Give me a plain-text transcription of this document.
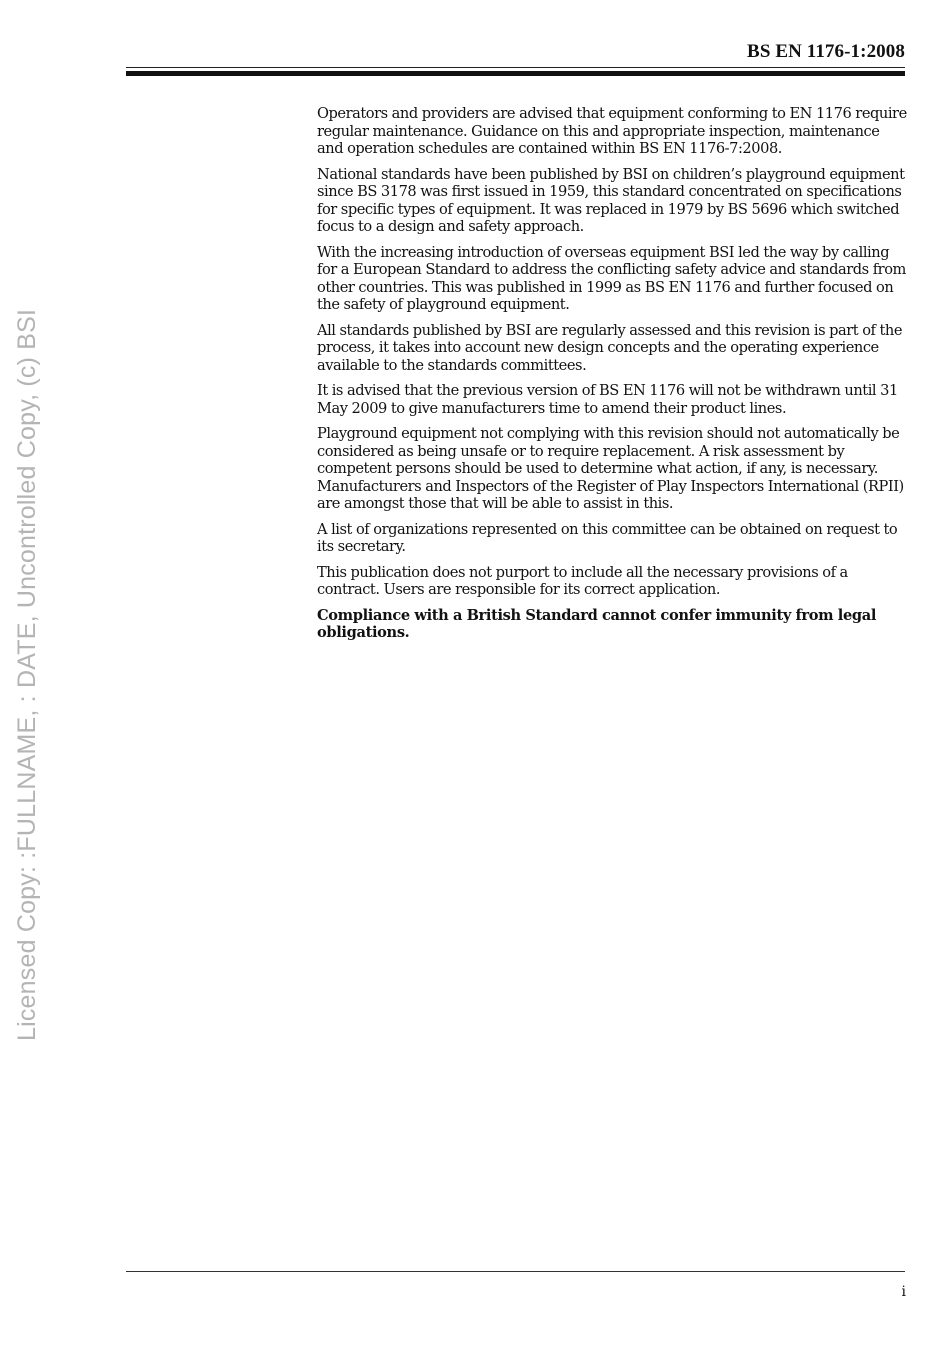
BS EN 1176-1:2008
Licensed Copy: :FULLNAME, : DATE, Uncontrolled Copy, (c) BSI

Operators and providers are advised that equipment conforming to EN 1176 require regular maintenance. Guidance on this and appropriate inspection, maintenance and operation schedules are contained within BS EN 1176-7:2008.

National standards have been published by BSI on children’s playground equipment since BS 3178 was first issued in 1959, this standard concentrated on specifications for specific types of equipment. It was replaced in 1979 by BS 5696 which switched focus to a design and safety approach.

With the increasing introduction of overseas equipment BSI led the way by calling for a European Standard to address the conflicting safety advice and standards from other countries. This was published in 1999 as BS EN 1176 and further focused on the safety of playground equipment.

All standards published by BSI are regularly assessed and this revision is part of the process, it takes into account new design concepts and the operating experience available to the standards committees.

It is advised that the previous version of BS EN 1176 will not be withdrawn until 31 May 2009 to give manufacturers time to amend their product lines.

Playground equipment not complying with this revision should not automatically be considered as being unsafe or to require replacement. A risk assessment by competent persons should be used to determine what action, if any, is necessary. Manufacturers and Inspectors of the Register of Play Inspectors International (RPII) are amongst those that will be able to assist in this.

A list of organizations represented on this committee can be obtained on request to its secretary.

This publication does not purport to include all the necessary provisions of a contract. Users are responsible for its correct application.

Compliance with a British Standard cannot confer immunity from legal obligations.

i
